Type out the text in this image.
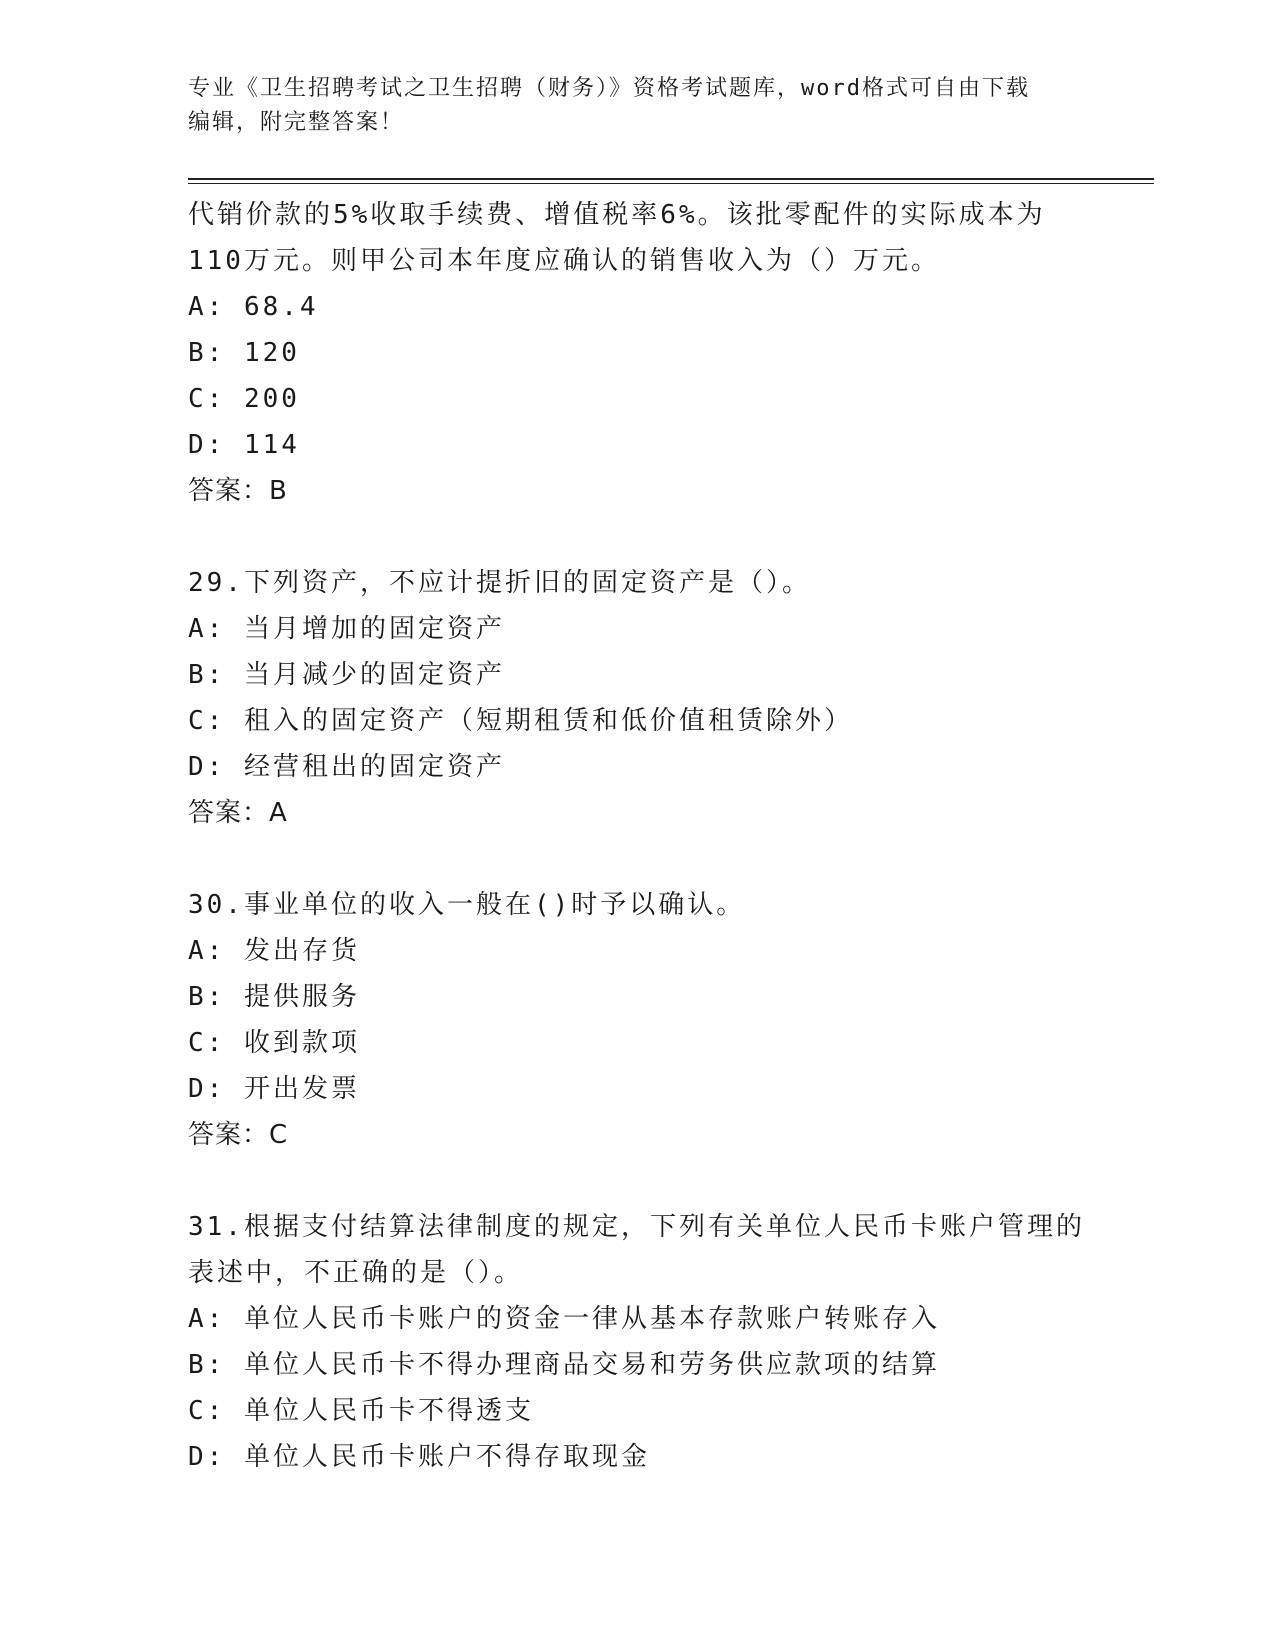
专业《卫生招聘考试之卫生招聘（财务）》资格考试题库，word格式可自由下载
编辑，附完整答案！
代销价款的5%收取手续费、增值税率6%。该批零配件的实际成本为
110万元。则甲公司本年度应确认的销售收入为（）万元。
A: 68.4
B: 120
C: 200
D: 114
答案：B
29.下列资产，不应计提折旧的固定资产是（）。
A: 当月增加的固定资产
B: 当月减少的固定资产
C: 租入的固定资产（短期租赁和低价值租赁除外）
D: 经营租出的固定资产
答案：A
30.事业单位的收入一般在()时予以确认。
A: 发出存货
B: 提供服务
C: 收到款项
D: 开出发票
答案：C
31.根据支付结算法律制度的规定，下列有关单位人民币卡账户管理的
表述中，不正确的是（）。
A: 单位人民币卡账户的资金一律从基本存款账户转账存入
B: 单位人民币卡不得办理商品交易和劳务供应款项的结算
C: 单位人民币卡不得透支
D: 单位人民币卡账户不得存取现金
